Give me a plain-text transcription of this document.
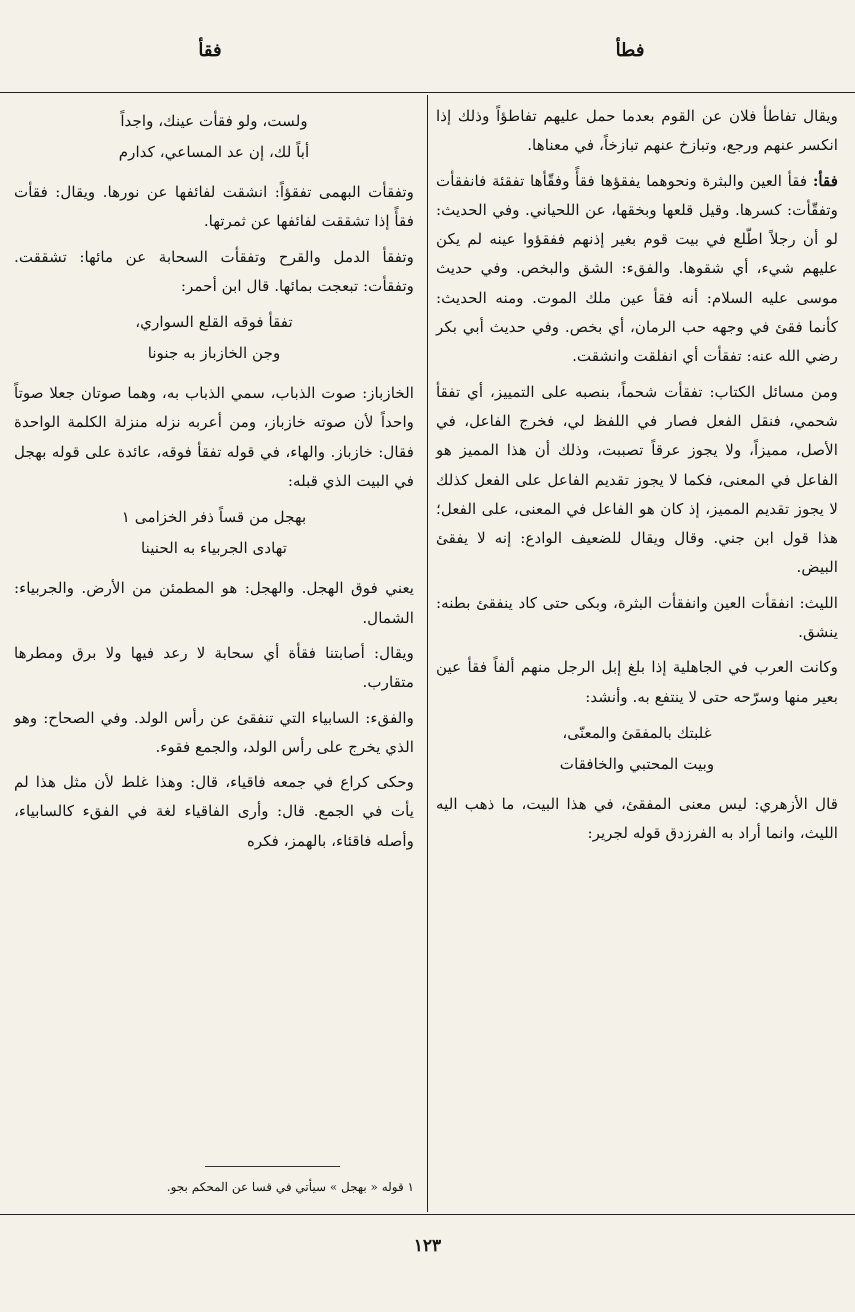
فطأ
فقأ

ويقال تفاطأ فلان عن القوم بعدما حمل عليهم تفاطؤاً وذلك إذا انكسر عنهم ورجع، وتبازخ عنهم تبازخاً، في معناها.

فقأ: فقأ العين والبثرة ونحوهما يفقؤها فقأً وفقّأها تفقئة فانفقأت وتفقّأت: كسرها. وقيل قلعها وبخقها، عن اللحياني. وفي الحديث: لو أن رجلاً اطّلع في بيت قوم بغير إذنهم ففقؤوا عينه لم يكن عليهم شيء، أي شقوها. والفقء: الشق والبخص. وفي حديث موسى عليه السلام: أنه فقأ عين ملك الموت. ومنه الحديث: كأنما فقئ في وجهه حب الرمان، أي بخص. وفي حديث أبي بكر رضي الله عنه: تفقأت أي انفلقت وانشقت.

ومن مسائل الكتاب: تفقأت شحماً، بنصبه على التمييز، أي تفقأ شحمي، فنقل الفعل فصار في اللفظ لي، فخرج الفاعل، في الأصل، مميزاً، ولا يجوز عرقاً تصببت، وذلك أن هذا المميز هو الفاعل في المعنى، فكما لا يجوز تقديم الفاعل على الفعل كذلك لا يجوز تقديم المميز، إذ كان هو الفاعل في المعنى، على الفعل؛ هذا قول ابن جني. وقال ويقال للضعيف الوادع: إنه لا يفقئ البيض.

الليث: انفقأت العين وانفقأت البثرة، وبكى حتى كاد ينفقئ بطنه: ينشق.

وكانت العرب في الجاهلية إذا بلغ إبل الرجل منهم ألفاً فقأ عين بعير منها وسرّحه حتى لا ينتفع به. وأنشد:

غلبتك بالمفقئ والمعنّى،
وبيت المحتبي والخافقات

قال الأزهري: ليس معنى المفقئ، في هذا البيت، ما ذهب اليه الليث، وانما أراد به الفرزدق قوله لجرير:

ولست، ولو فقأت عينك، واجداً
أباً لك، إن عد المساعي، كدارم

وتفقأت البهمى تفقؤاً: انشقت لفائفها عن نورها. ويقال: فقأت فقأً إذا تشققت لفائفها عن ثمرتها.

وتفقأ الدمل والقرح وتفقأت السحابة عن مائها: تشققت. وتفقأت: تبعجت بمائها. قال ابن أحمر:

تفقأ فوقه القلع السواري،
وجن الخازباز به جنونا

الخازباز: صوت الذباب، سمي الذباب به، وهما صوتان جعلا صوتاً واحداً لأن صوته خازباز، ومن أعربه نزله منزلة الكلمة الواحدة فقال: خازباز. والهاء، في قوله تفقأ فوقه، عائدة على قوله بهجل في البيت الذي قبله:

بهجل من قساً ذفر الخزامى ١
تهادى الجربياء به الحنينا

يعني فوق الهجل. والهجل: هو المطمئن من الأرض. والجربياء: الشمال.

ويقال: أصابتنا فقأة أي سحابة لا رعد فيها ولا برق ومطرها متقارب.

والفقء: السابياء التي تنفقئ عن رأس الولد. وفي الصحاح: وهو الذي يخرج على رأس الولد، والجمع فقوء.

وحكى كراع في جمعه فاقياء، قال: وهذا غلط لأن مثل هذا لم يأت في الجمع. قال: وأرى الفاقياء لغة في الفقء كالسابياء، وأصله فاقئاء، بالهمز، فكره

١ قوله « بهجل » سيأتي في قسا عن المحكم بجو.
١٢٣
